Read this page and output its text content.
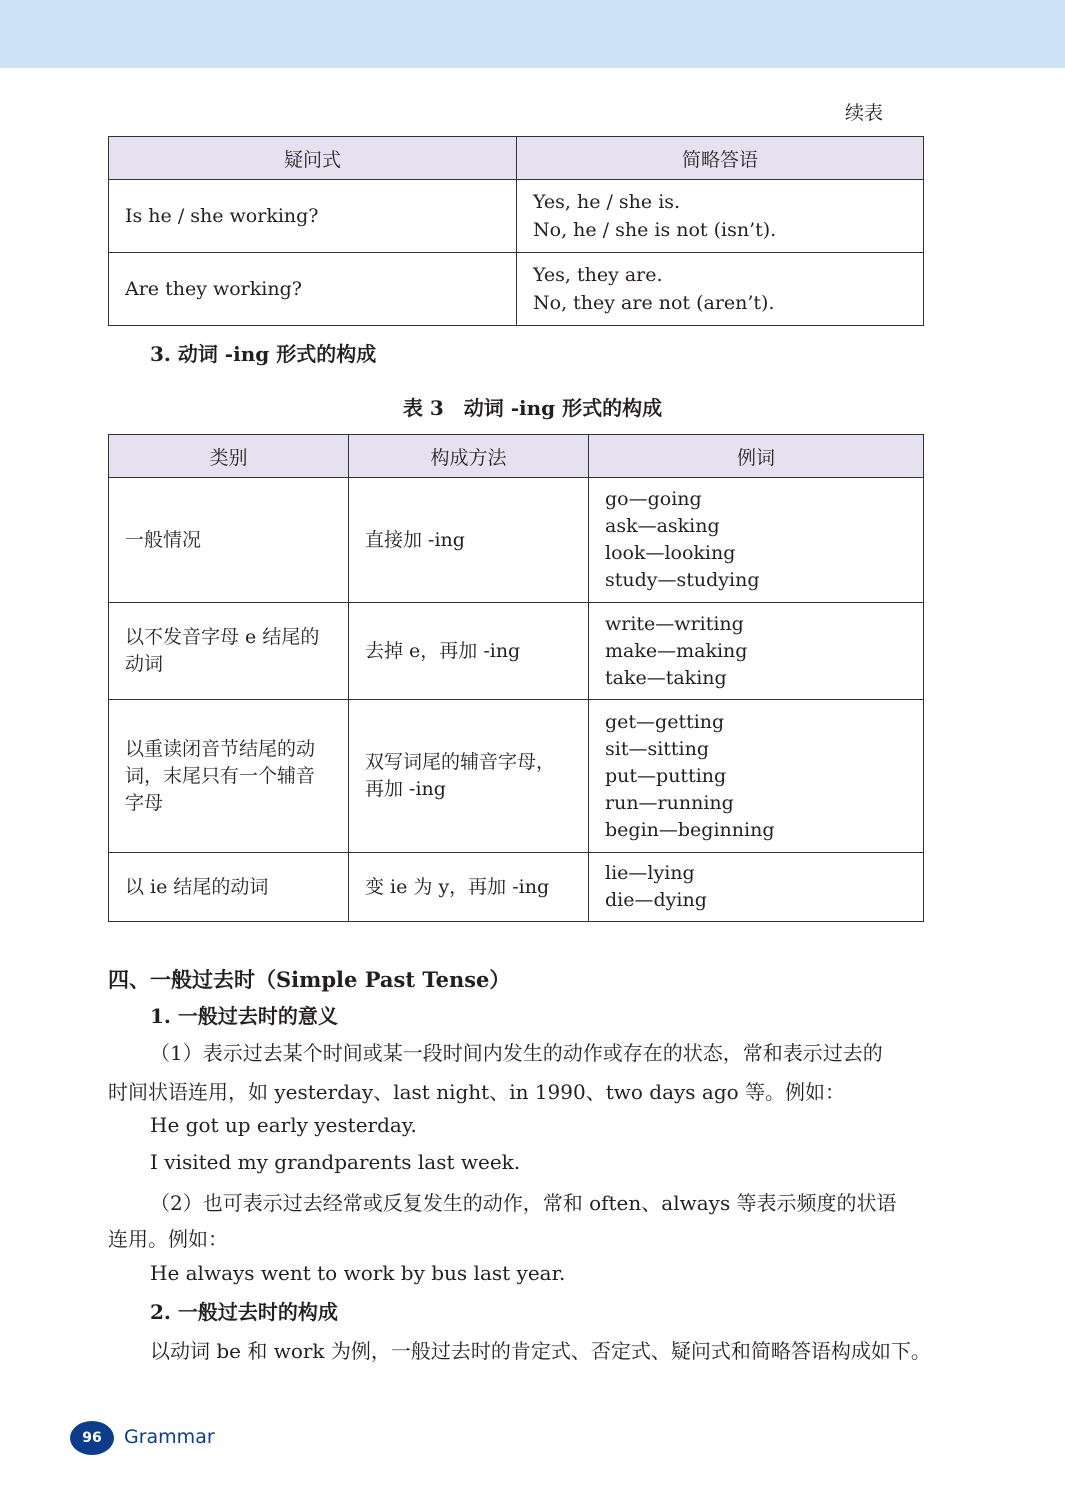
续表
疑问式	简略答语
Is he / she working?	Yes, he / she is.
No, he / she is not (isn’t).

Are they working?	Yes, they are.
No, they are not (aren’t).
3. 动词 -ing 形式的构成
表 3　动词 -ing 形式的构成
类别	构成方法	例词

一般情况	直接加 -ing	go—going
ask—asking
look—looking
study—studying

以不发音字母 e 结尾的
动词	去掉 e，再加 -ing	write—writing
make—making
take—taking

以重读闭音节结尾的动
词，末尾只有一个辅音
字母	双写词尾的辅音字母，
再加 -ing	get—getting
sit—sitting
put—putting
run—running
begin—beginning

以 ie 结尾的动词	变 ie 为 y，再加 -ing	lie—lying
die—dying
四、一般过去时（Simple Past Tense）
1. 一般过去时的意义
（1）表示过去某个时间或某一段时间内发生的动作或存在的状态，常和表示过去的
时间状语连用，如 yesterday、last night、in 1990、two days ago 等。例如：
He got up early yesterday.
I visited my grandparents last week.
（2）也可表示过去经常或反复发生的动作，常和 often、always 等表示频度的状语
连用。例如：
He always went to work by bus last year.
2. 一般过去时的构成
以动词 be 和 work 为例，一般过去时的肯定式、否定式、疑问式和简略答语构成如下。
96	Grammar
